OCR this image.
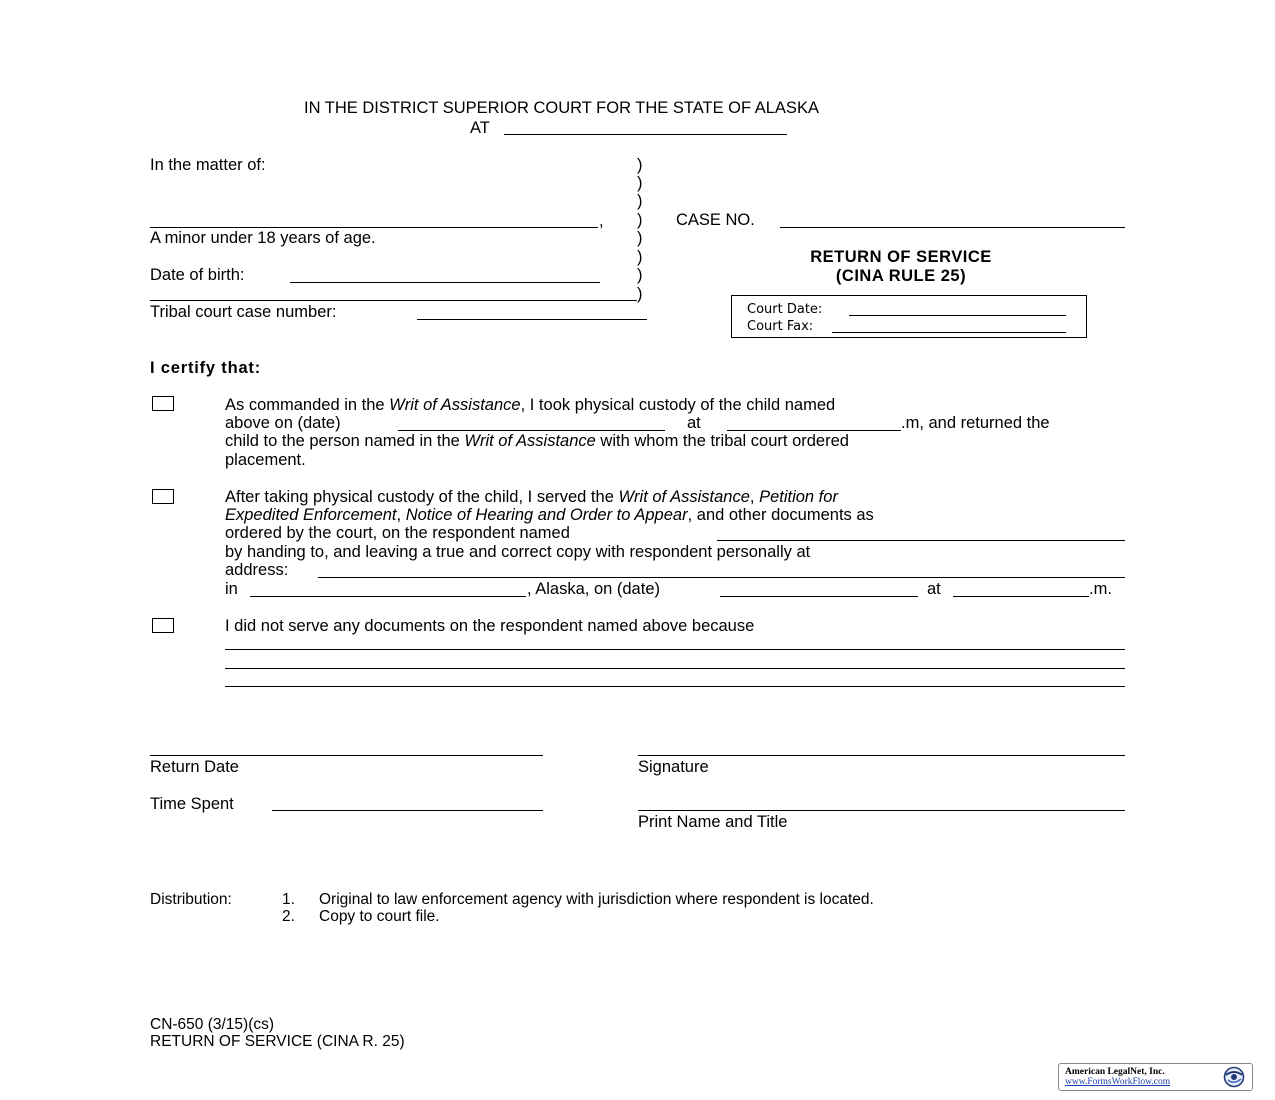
IN THE DISTRICT SUPERIOR COURT FOR THE STATE OF ALASKA
AT
In the matter of:
,
A minor under 18 years of age.
Date of birth:
Tribal court case number:
)
)
)
)
)
)
)
)
CASE NO.
RETURN OF SERVICE
(CINA RULE 25)
Court Date:
Court Fax:
I certify that:
As commanded in the Writ of Assistance, I took physical custody of the child named
above on (date)	at	.m, and returned the
child to the person named in the Writ of Assistance with whom the tribal court ordered
placement.
After taking physical custody of the child, I served the Writ of Assistance, Petition for
Expedited Enforcement, Notice of Hearing and Order to Appear, and other documents as
ordered by the court, on the respondent named
by handing to, and leaving a true and correct copy with respondent personally at
address:
in	, Alaska, on (date)	at	.m.
I did not serve any documents on the respondent named above because
Return Date
Time Spent
Signature
Print Name and Title
Distribution:	1. Original to law enforcement agency with jurisdiction where respondent is located.
2. Copy to court file.
CN-650 (3/15)(cs)
RETURN OF SERVICE (CINA R. 25)
American LegalNet, Inc.
www.FormsWorkFlow.com
